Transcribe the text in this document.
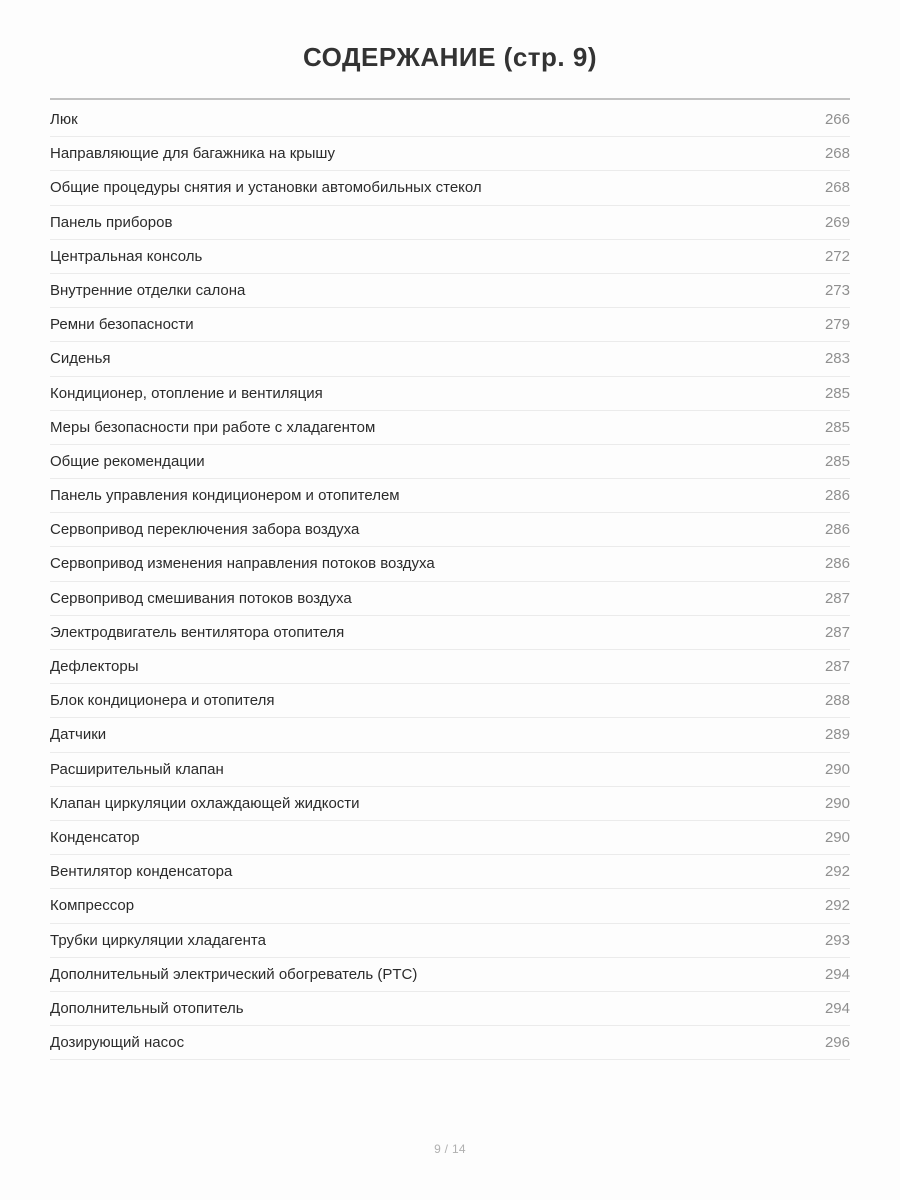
СОДЕРЖАНИЕ (стр. 9)
Люк	266
Направляющие для багажника на крышу	268
Общие процедуры снятия и установки автомобильных стекол	268
Панель приборов	269
Центральная консоль	272
Внутренние отделки салона	273
Ремни безопасности	279
Сиденья	283
Кондиционер, отопление и вентиляция	285
Меры безопасности при работе с хладагентом	285
Общие рекомендации	285
Панель управления кондиционером и отопителем	286
Сервопривод переключения забора воздуха	286
Сервопривод изменения направления потоков воздуха	286
Сервопривод смешивания потоков воздуха	287
Электродвигатель вентилятора отопителя	287
Дефлекторы	287
Блок кондиционера и отопителя	288
Датчики	289
Расширительный клапан	290
Клапан циркуляции охлаждающей жидкости	290
Конденсатор	290
Вентилятор конденсатора	292
Компрессор	292
Трубки циркуляции хладагента	293
Дополнительный электрический обогреватель (PTC)	294
Дополнительный отопитель	294
Дозирующий насос	296
9 / 14
